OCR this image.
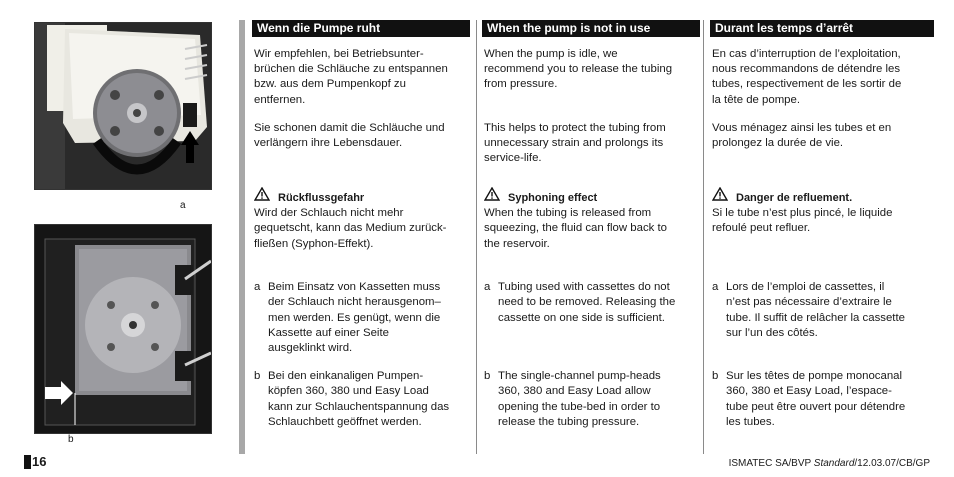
a
b
Wenn die Pumpe ruht

Wir empfehlen, bei Betriebsunter-
brüchen die Schläuche zu entspannen
bzw. aus dem Pumpenkopf zu
entfernen.

Sie schonen damit die Schläuche und
verlängern ihre Lebensdauer.

Rückflussgefahr

Wird der Schlauch nicht mehr
gequetscht, kann das Medium zurück-
fließen (Syphon-Effekt).

a Beim Einsatz von Kassetten muss
der Schlauch nicht herausgenom–
men werden. Es genügt, wenn die
Kassette auf einer Seite
ausgeklinkt wird.
b Bei den einkanaligen Pumpen-
köpfen 360, 380 und Easy Load
kann zur Schlauchentspannung das
Schlauchbett geöffnet werden.
When the pump is not in use

When the pump is idle, we
recommend you to release the tubing
from pressure.

This helps to protect the tubing from
unnecessary strain and prolongs its
service-life.

Syphoning effect

When the tubing is released from
squeezing, the fluid can flow back to
the reservoir.

a Tubing used with cassettes do not
need to be removed. Releasing the
cassette on one side is sufficient.
b The single-channel pump-heads
360, 380 and Easy Load allow
opening the tube-bed in order to
release the tubing pressure.
Durant les temps d’arrêt

En cas d’interruption de l’exploitation,
nous recommandons de détendre les
tubes, respectivement de les sortir de
la tête de pompe.

Vous ménagez ainsi les tubes et en
prolongez la durée de vie.

Danger de refluement.

Si le tube n’est plus pincé, le liquide
refoulé peut refluer.

a Lors de l’emploi de cassettes, il
n’est pas nécessaire d’extraire le
tube. Il suffit de relâcher la cassette
sur l’un des côtés.
b Sur les têtes de pompe monocanal
360, 380 et Easy Load, l’espace-
tube peut être ouvert pour détendre
les tubes.
16	ISMATEC SA/BVP Standard/12.03.07/CB/GP
